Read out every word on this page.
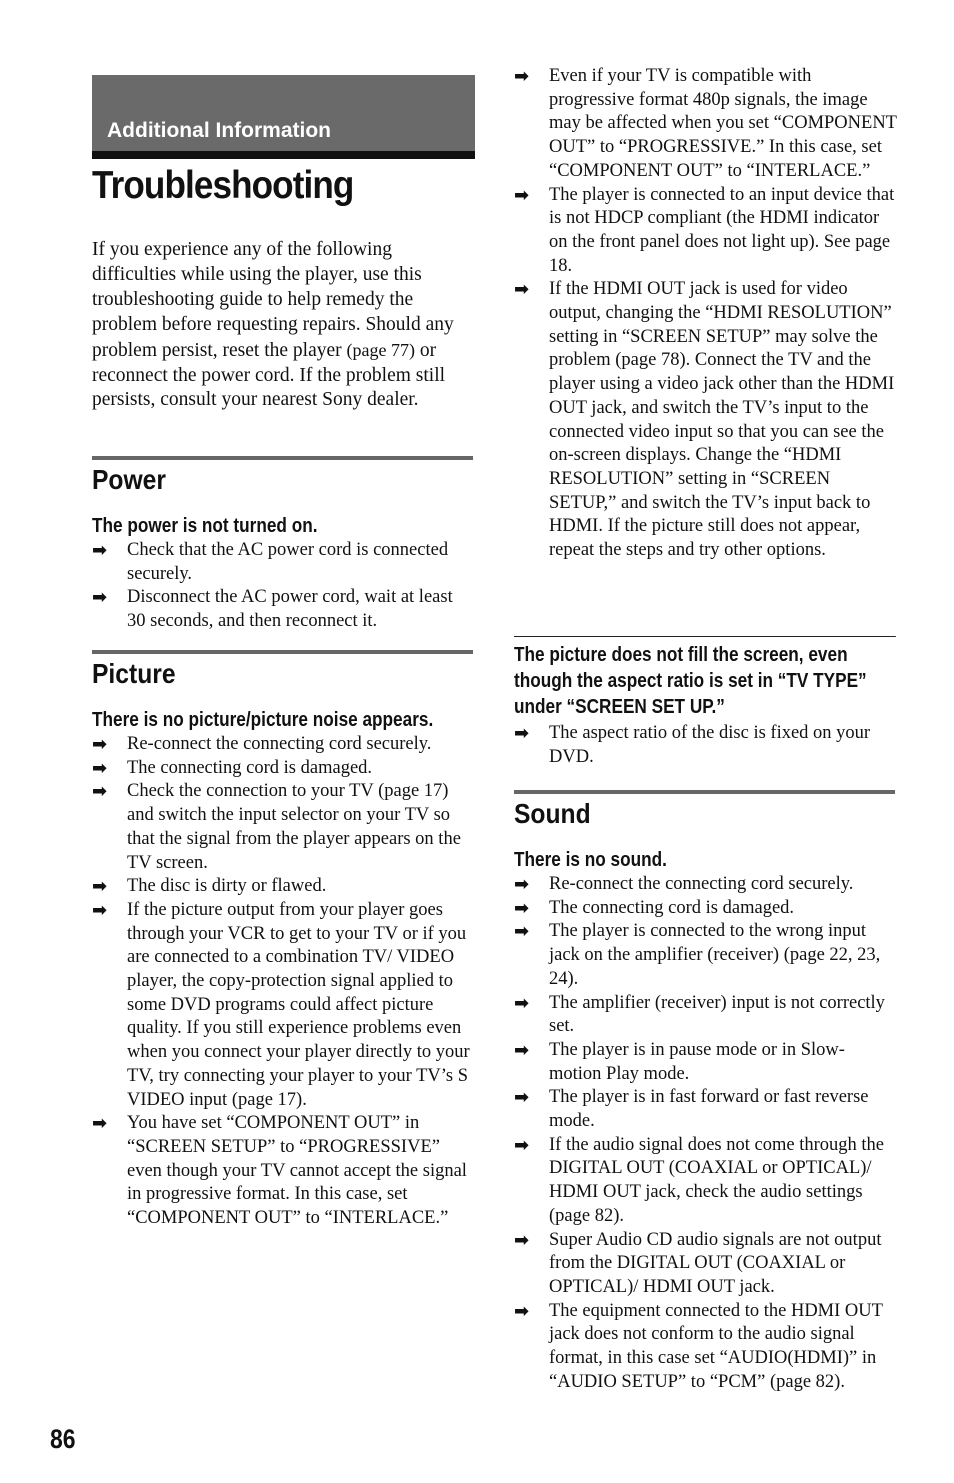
Additional Information
Troubleshooting

If you experience any of the following difficulties while using the player, use this troubleshooting guide to help remedy the problem before requesting repairs. Should any problem persist, reset the player (page 77) or reconnect the power cord. If the problem still persists, consult your nearest Sony dealer.

Power
The power is not turned on.
➡ Check that the AC power cord is connected securely.
➡ Disconnect the AC power cord, wait at least 30 seconds, and then reconnect it.
Picture
There is no picture/picture noise appears.
➡ Re-connect the connecting cord securely.
➡ The connecting cord is damaged.
➡ Check the connection to your TV (page 17) and switch the input selector on your TV so that the signal from the player appears on the TV screen.
➡ The disc is dirty or flawed.
➡ If the picture output from your player goes through your VCR to get to your TV or if you are connected to a combination TV/ VIDEO player, the copy-protection signal applied to some DVD programs could affect picture quality. If you still experience problems even when you connect your player directly to your TV, try connecting your player to your TV’s S VIDEO input (page 17).
➡ You have set “COMPONENT OUT” in “SCREEN SETUP” to “PROGRESSIVE” even though your TV cannot accept the signal in progressive format. In this case, set “COMPONENT OUT” to “INTERLACE.”

86

➡ Even if your TV is compatible with progressive format 480p signals, the image may be affected when you set “COMPONENT OUT” to “PROGRESSIVE.” In this case, set “COMPONENT OUT” to “INTERLACE.”
➡ The player is connected to an input device that is not HDCP compliant (the HDMI indicator on the front panel does not light up). See page 18.
➡ If the HDMI OUT jack is used for video output, changing the “HDMI RESOLUTION” setting in “SCREEN SETUP” may solve the problem (page 78). Connect the TV and the player using a video jack other than the HDMI OUT jack, and switch the TV’s input to the connected video input so that you can see the on-screen displays. Change the “HDMI RESOLUTION” setting in “SCREEN SETUP,” and switch the TV’s input back to HDMI. If the picture still does not appear, repeat the steps and try other options.
The picture does not fill the screen, even though the aspect ratio is set in “TV TYPE” under “SCREEN SET UP.”
➡ The aspect ratio of the disc is fixed on your DVD.
Sound
There is no sound.
➡ Re-connect the connecting cord securely.
➡ The connecting cord is damaged.
➡ The player is connected to the wrong input jack on the amplifier (receiver) (page 22, 23, 24).
➡ The amplifier (receiver) input is not correctly set.
➡ The player is in pause mode or in Slow-motion Play mode.
➡ The player is in fast forward or fast reverse mode.
➡ If the audio signal does not come through the DIGITAL OUT (COAXIAL or OPTICAL)/ HDMI OUT jack, check the audio settings (page 82).
➡ Super Audio CD audio signals are not output from the DIGITAL OUT (COAXIAL or OPTICAL)/ HDMI OUT jack.
➡ The equipment connected to the HDMI OUT jack does not conform to the audio signal format, in this case set “AUDIO(HDMI)” in “AUDIO SETUP” to “PCM” (page 82).
